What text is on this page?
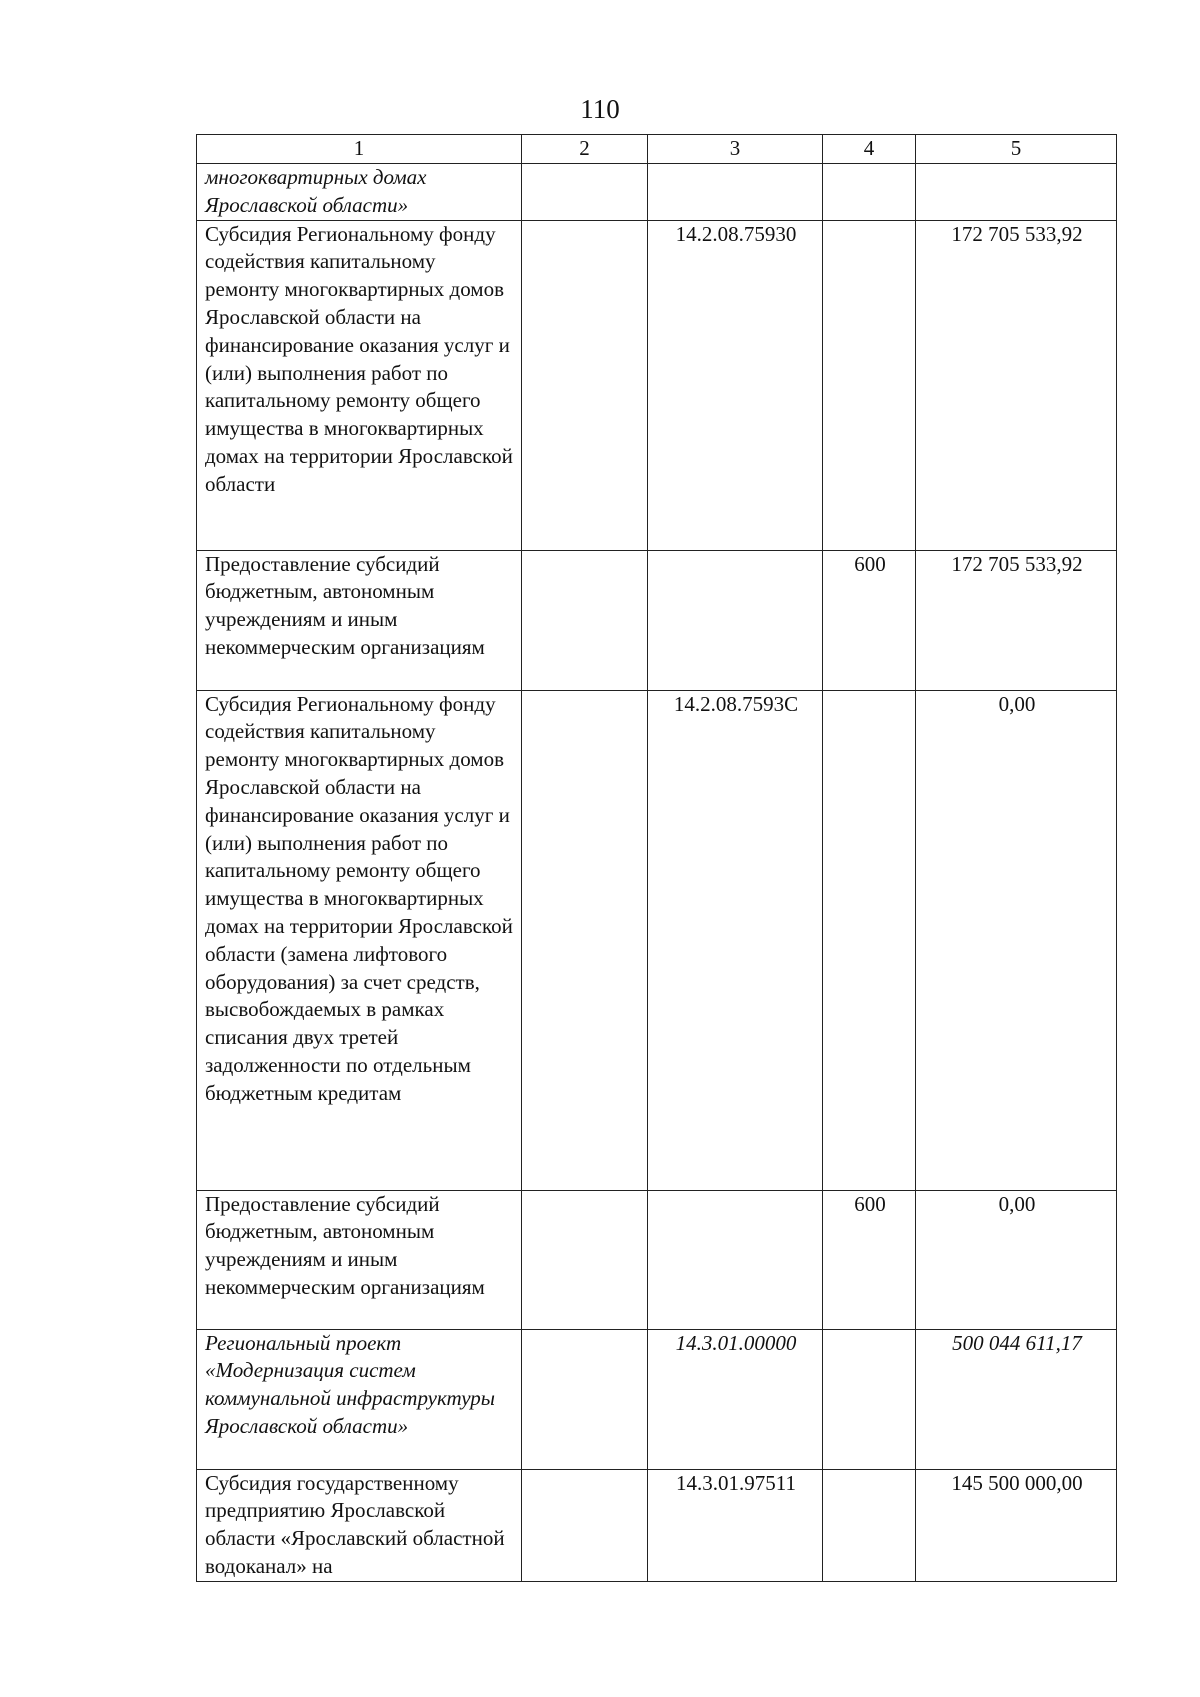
110
1	2	3	4	5
многоквартирных домах
Ярославской области»				
Субсидия Региональному фонду содействия капитальному ремонту многоквартирных домов Ярославской области на финансирование оказания услуг и (или) выполнения работ по капитальному ремонту общего имущества в многоквартирных домах на территории Ярославской области		14.2.08.75930		172 705 533,92
Предоставление субсидий бюджетным, автономным учреждениям и иным некоммерческим организациям			600	172 705 533,92
Субсидия Региональному фонду содействия капитальному ремонту многоквартирных домов Ярославской области на финансирование оказания услуг и (или) выполнения работ по капитальному ремонту общего имущества в многоквартирных домах на территории Ярославской области (замена лифтового оборудования) за счет средств, высвобождаемых в рамках списания двух третей задолженности по отдельным бюджетным кредитам		14.2.08.7593С		0,00
Предоставление субсидий бюджетным, автономным учреждениям и иным некоммерческим организациям			600	0,00
Региональный проект «Модернизация систем коммунальной инфраструктуры Ярославской области»		14.3.01.00000		500 044 611,17
Субсидия государственному предприятию Ярославской области «Ярославский областной водоканал» на		14.3.01.97511		145 500 000,00
